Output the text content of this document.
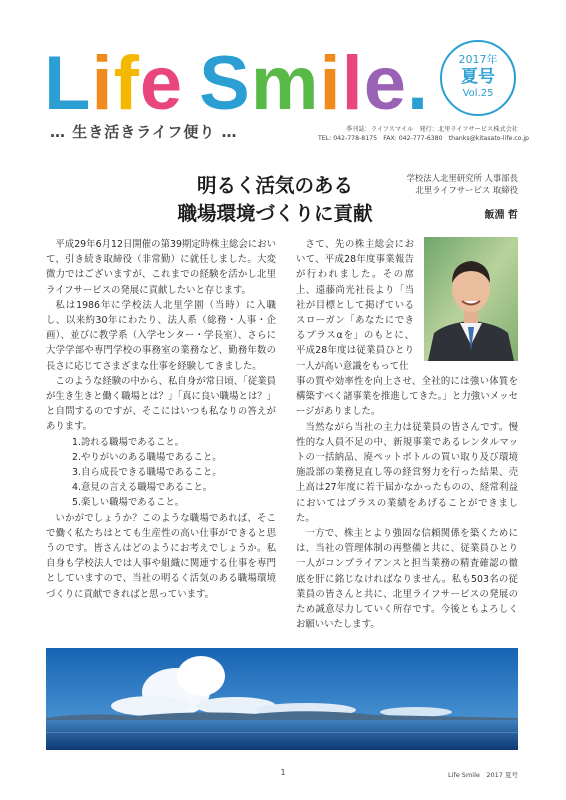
L i f e S m i l e .
… 生き活きライフ便り …
2017年
夏号
Vol.25
季刊誌：ライフスマイル　発行：北里ライフサービス株式会社
TEL: 042-778-8175　FAX: 042-777-6380　thanks@kitasato-life.co.jp
明るく活気のある
職場環境づくりに貢献
学校法人北里研究所 人事部長
北里ライフサービス 取締役
飯淵 哲

平成29年6月12日開催の第39期定時株主総会において、引き続き取締役（非常勤）に就任しました。大変微力ではございますが、これまでの経験を活かし北里ライフサービスの発展に貢献したいと存じます。

私は1986年に学校法人北里学園（当時）に入職し、以来約30年にわたり、法人系（総務・人事・企画）、並びに教学系（入学センター・学長室）、さらに大学学部や専門学校の事務室の業務など、勤務年数の長さに応じてさまざまな仕事を経験してきました。

このような経験の中から、私自身が常日頃、「従業員が生き生きと働く職場とは？」「真に良い職場とは？」と自問するのですが、そこにはいつも私なりの答えがあります。

1.誇れる職場であること。
2.やりがいのある職場であること。
3.自ら成長できる職場であること。
4.意見の言える職場であること。
5.楽しい職場であること。

いかがでしょうか？このような職場であれば、そこで働く私たちはとても生産性の高い仕事ができると思うのです。皆さんはどのようにお考えでしょうか。私自身も学校法人では人事や組織に関連する仕事を専門としていますので、当社の明るく活気のある職場環境づくりに貢献できればと思っています。

さて、先の株主総会において、平成28年度事業報告が行われました。その席上、遠藤尚光社長より「当社が目標として掲げているスローガン「あなたにできるプラスαを」のもとに、平成28年度は従業員ひとり一人が高い意識をもって仕

事の質や効率性を向上させ、全社的には強い体質を構築すべく諸事業を推進してきた。」と力強いメッセージがありました。

当然ながら当社の主力は従業員の皆さんです。慢性的な人員不足の中、新規事業であるレンタルマットの一括納品、廃ペットボトルの買い取り及び環境施設部の業務見直し等の経営努力を行った結果、売上高は27年度に若干届かなかったものの、経常利益においてはプラスの業績をあげることができました。

一方で、株主とより強固な信頼関係を築くためには、当社の管理体制の再整備と共に、従業員ひとり一人がコンプライアンスと担当業務の精査確認の徹底を肝に銘じなければなりません。私も503名の従業員の皆さんと共に、北里ライフサービスの発展のため誠意尽力していく所存です。今後ともよろしくお願いいたします。

1	Life Smile　2017 夏号
